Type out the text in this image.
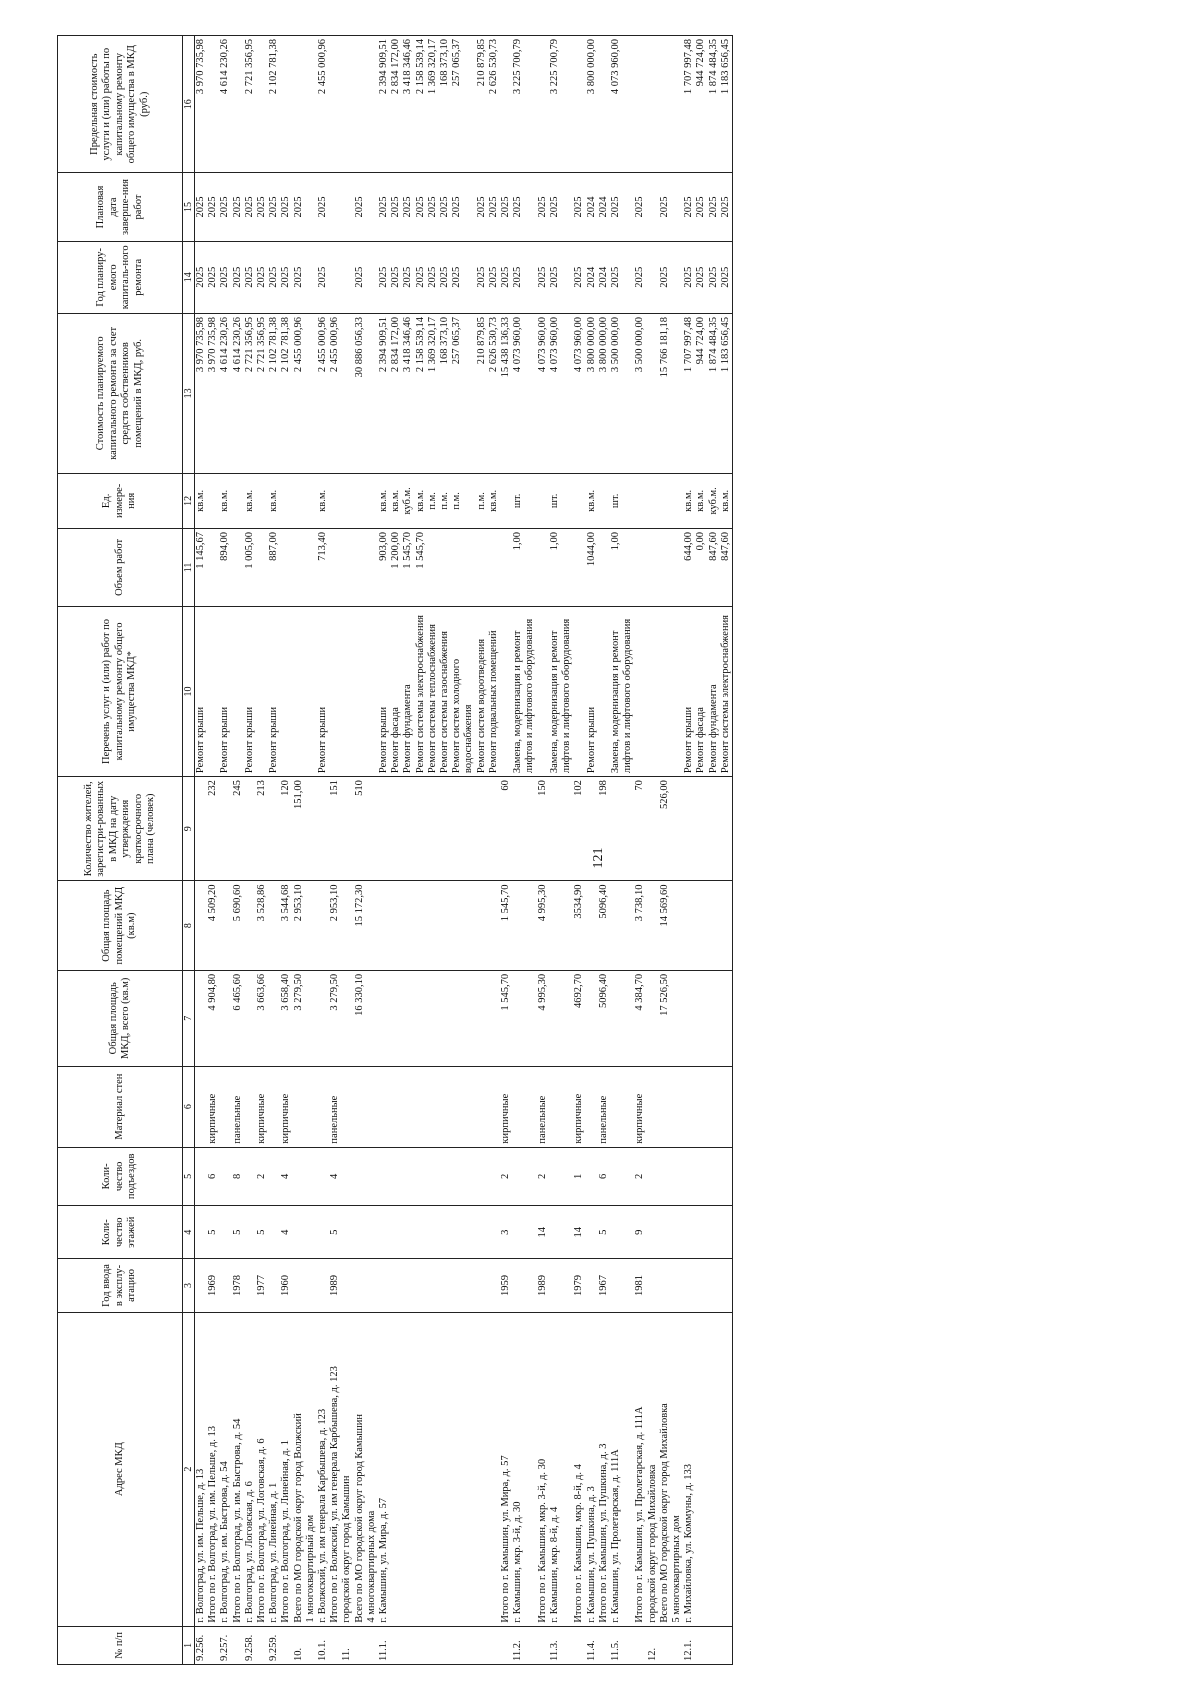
121
№ п/п	Адрес МКД	Год ввода в эксплу-атацию	Коли-чество этажей	Коли-чество подъездов	Материал стен	Общая площадь МКД, всего (кв.м)	Общая площадь помещений МКД (кв.м)	Количество жителей, зарегистри-рованных в МКД на дату утверждения краткосрочного плана (человек)	Перечень услуг и (или) работ по капитальному ремонту общего имущества МКД*	Объем работ	Ед. измере-ния	Стоимость планируемого капитального ремонта за счет средств собственников помещений в МКД, руб.	Год планиру-емого капиталь-ного ремонта	Плановая дата заверше-ния работ	Предельная стоимость услуги и (или) работы по капитальному ремонту общего имущества в МКД (руб.)
1	2	3	4	5	6	7	8	9	10	11	12	13	14	15	16
9.256.	г. Волгоград, ул. им. Пельше, д. 13								Ремонт крыши	1 145,67	кв.м.	3 970 735,98	2025	2025	3 970 735,98
	Итого по г. Волгоград, ул. им. Пельше, д. 13	1969	5	6	кирпичные	4 904,80	4 509,20	232				3 970 735,98	2025	2025	
9.257.	г. Волгоград, ул. им. Быстрова, д. 54								Ремонт крыши	894,00	кв.м.	4 614 230,26	2025	2025	4 614 230,26
	Итого по г. Волгоград, ул. им. Быстрова, д. 54	1978	5	8	панельные	6 465,60	5 690,60	245				4 614 230,26	2025	2025	
9.258.	г. Волгоград, ул. Логовская, д. 6								Ремонт крыши	1 005,00	кв.м.	2 721 356,95	2025	2025	2 721 356,95
	Итого по г. Волгоград, ул. Логовская, д. 6	1977	5	2	кирпичные	3 663,66	3 528,86	213				2 721 356,95	2025	2025	
9.259.	г. Волгоград, ул. Линейная, д. 1								Ремонт крыши	887,00	кв.м.	2 102 781,38	2025	2025	2 102 781,38
	Итого по г. Волгоград, ул. Линейная, д. 1	1960	4	4	кирпичные	3 658,40	3 544,68	120				2 102 781,38	2025	2025	
10.	Всего по МО городской округ город Волжский					3 279,50	2 953,10	151,00				2 455 000,96	2025	2025	
	1 многоквартирный дом														
10.1.	г. Волжский, ул. им генерала Карбышева, д. 123								Ремонт крыши	713,40	кв.м.	2 455 000,96	2025	2025	2 455 000,96
	Итого по г. Волжский, ул. им генерала Карбышева, д. 123	1989	5	4	панельные	3 279,50	2 953,10	151				2 455 000,96			
11.	городской округ город Камышин														
	Всего по МО городской округ город Камышин					16 330,10	15 172,30	510				30 886 056,33	2025	2025	
	4 многоквартирных дома														
11.1.	г. Камышин, ул. Мира, д. 57								Ремонт крыши	903,00	кв.м.	2 394 909,51	2025	2025	2 394 909,51
									Ремонт фасада	1 200,00	кв.м.	2 834 172,00	2025	2025	2 834 172,00
									Ремонт фундамента	1 545,70	куб.м.	3 418 346,46	2025	2025	3 418 346,46
									Ремонт системы электроснабжения	1 545,70	кв.м.	2 158 539,14	2025	2025	2 158 539,14
									Ремонт системы теплоснабжения		п.м.	1 369 320,17	2025	2025	1 369 320,17
									Ремонт системы газоснабжения		п.м.	168 373,10	2025	2025	168 373,10
									Ремонт систем холодного водоснабжения		п.м.	257 065,37	2025	2025	257 065,37
									Ремонт систем водоотведения		п.м.	210 879,85	2025	2025	210 879,85
									Ремонт подвальных помещений		кв.м.	2 626 530,73	2025	2025	2 626 530,73
	Итого по г. Камышин, ул. Мира, д. 57	1959	3	2	кирпичные	1 545,70	1 545,70	60				15 438 136,33	2025	2025	
11.2.	г. Камышин, мкр. 3-й, д. 30								Замена, модернизация и ремонт лифтов и лифтового оборудования	1,00	шт.	4 073 960,00	2025	2025	3 225 700,79
	Итого по г. Камышин, мкр. 3-й, д. 30	1989	14	2	панельные	4 995,30	4 995,30	150				4 073 960,00	2025	2025	
11.3.	г. Камышин, мкр. 8-й, д. 4								Замена, модернизация и ремонт лифтов и лифтового оборудования	1,00	шт.	4 073 960,00	2025	2025	3 225 700,79
	Итого по г. Камышин, мкр. 8-й, д. 4	1979	14	1	кирпичные	4692,70	3534,90	102				4 073 960,00	2025	2025	
11.4.	г. Камышин, ул. Пушкина, д. 3								Ремонт крыши	1044,00	кв.м.	3 800 000,00	2024	2024	3 800 000,00
	Итого по г. Камышин, ул. Пушкина, д. 3	1967	5	6	панельные	5096,40	5096,40	198				3 800 000,00	2024	2024	
11.5.	г. Камышин, ул. Пролетарская, д. 111А								Замена, модернизация и ремонт лифтов и лифтового оборудования	1,00	шт.	3 500 000,00	2025	2025	4 073 960,00
	Итого по г. Камышин, ул. Пролетарская, д. 111А	1981	9	2	кирпичные	4 384,70	3 738,10	70				3 500 000,00	2025	2025	
12.	городской округ город Михайловка														
	Всего по МО городской округ город Михайловка					17 526,50	14 569,60	526,00				15 766 181,18	2025	2025	
	5 многоквартирных дом														
12.1.	г. Михайловка, ул. Коммуны, д. 133								Ремонт крыши	644,00	кв.м.	1 707 997,48	2025	2025	1 707 997,48
									Ремонт фасада	0,00	кв.м.	944 724,00	2025	2025	944 724,00
									Ремонт фундамента	847,60	куб.м.	1 874 484,35	2025	2025	1 874 484,35
									Ремонт системы электроснабжения	847,60	кв.м.	1 183 656,45	2025	2025	1 183 656,45
